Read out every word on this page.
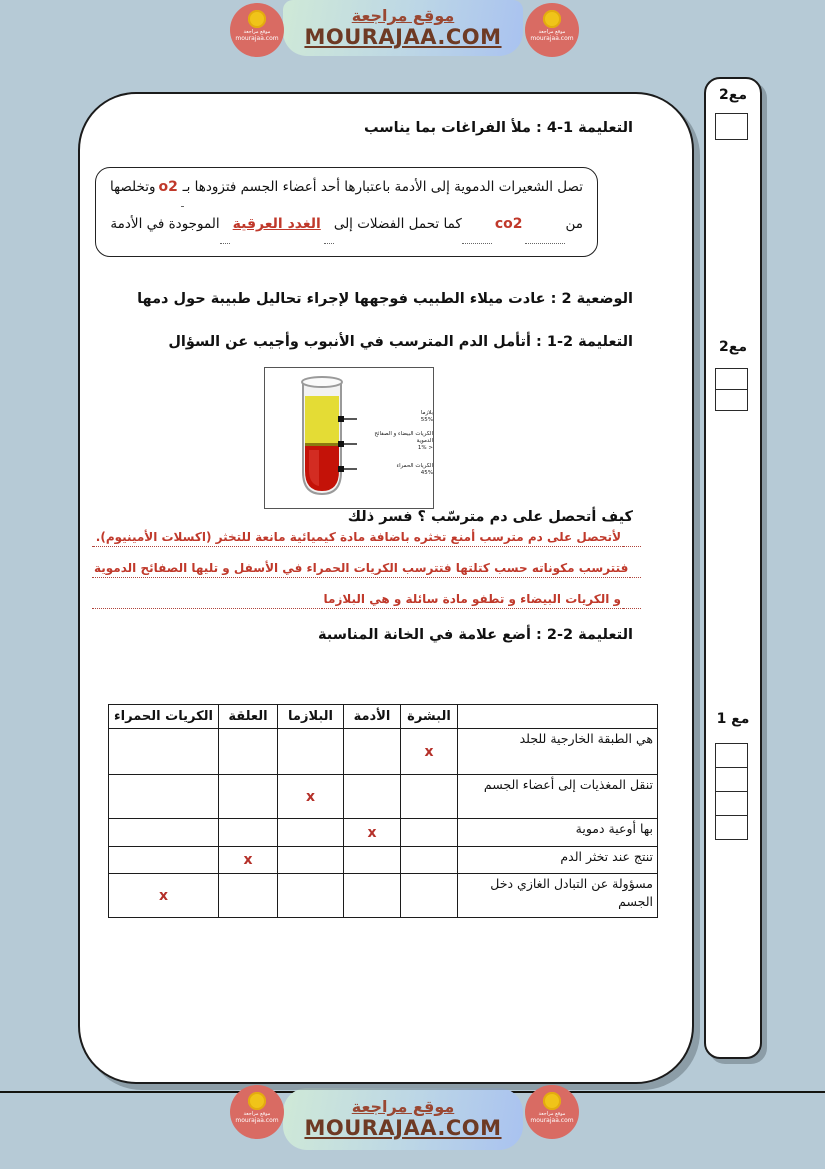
موقع مراجعة
MOURAJAA.COM
موقع مراجعة
MOURAJAA.COM
موقع مراجعة
mourajaa.com
موقع مراجعة
mourajaa.com
موقع مراجعة
mourajaa.com
موقع مراجعة
mourajaa.com
التعليمة 1-4 : ملأ الفراغات بما يناسب
تصل الشعيرات الدموية إلى الأدمة باعتبارها أحد أعضاء الجسم فتزودها بـ
o2
وتخلصها
من
co2
كما تحمل الفضلات إلى
الغدد العرقية
الموجودة في الأدمة
الوضعية 2 : عادت ميلاء الطبيب فوجهها لإجراء تحاليل طبيبة حول دمها
التعليمة 2-1 : أتأمل الدم المترسب في الأنبوب وأجيب عن السؤال
بلازما
55%
الكريات البيضاء و الصفائح الدموية
< 1%
الكريات الحمراء
45%
كيف أتحصل على دم مترسّب ؟ فسر ذلك
لأتحصل على دم مترسب أمنع تخثره باضافة مادة كيميائية مانعة للتخثر (اكسلات الأمينيوم).
فتترسب مكوناته حسب كتلتها فتترسب الكريات الحمراء في الأسفل و تليها الصفائح الدموية
و الكريات البيضاء و تطفو مادة سائلة و هي البلازما
التعليمة 2-2 : أضع علامة في الخانة المناسبة
	البشرة	الأدمة	البلازما	العلقة	الكريات الحمراء
هي الطبقة الخارجية للجلد	x				
تنقل المغذيات إلى أعضاء الجسم			x		
بها أوعية دموية		x			
تنتج عند تخثر الدم				x	
مسؤولة عن التبادل الغازي دخل الجسم					x
مع2
مع2
مع 1
